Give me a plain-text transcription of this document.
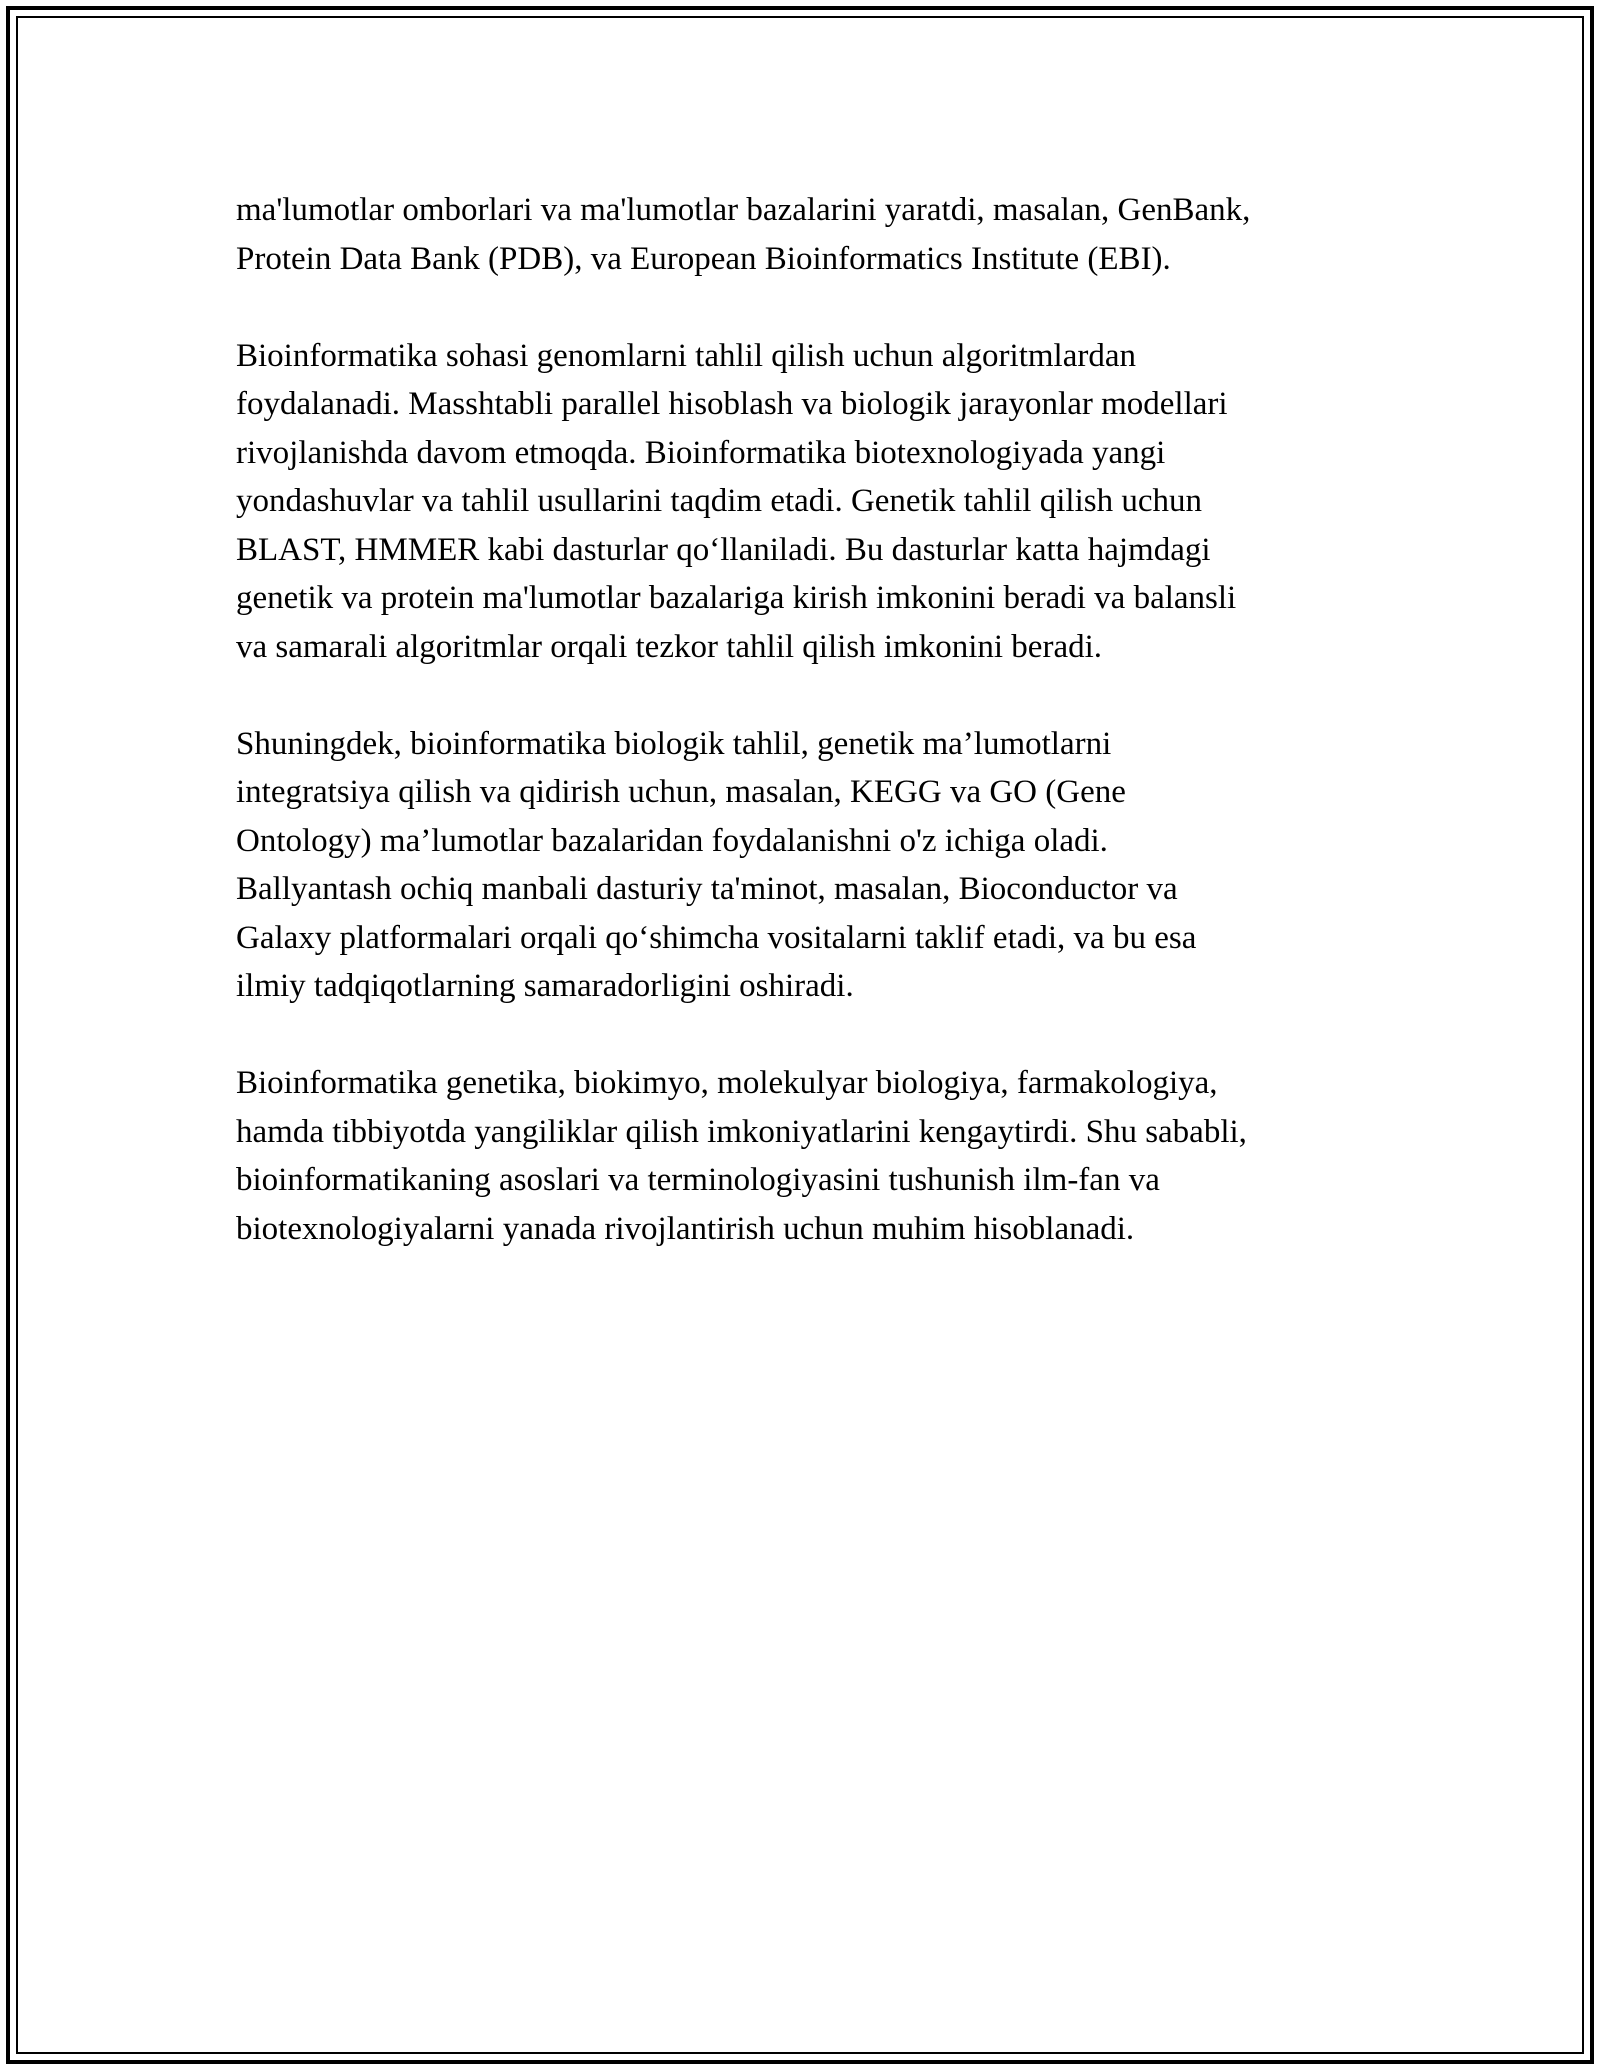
ma'lumotlar omborlari va ma'lumotlar bazalarini yaratdi, masalan, GenBank,
Protein Data Bank (PDB), va European Bioinformatics Institute (EBI).

Bioinformatika sohasi genomlarni tahlil qilish uchun algoritmlardan
foydalanadi. Masshtabli parallel hisoblash va biologik jarayonlar modellari
rivojlanishda davom etmoqda. Bioinformatika biotexnologiyada yangi
yondashuvlar va tahlil usullarini taqdim etadi. Genetik tahlil qilish uchun
BLAST, HMMER kabi dasturlar qo‘llaniladi. Bu dasturlar katta hajmdagi
genetik va protein ma'lumotlar bazalariga kirish imkonini beradi va balansli
va samarali algoritmlar orqali tezkor tahlil qilish imkonini beradi.

Shuningdek, bioinformatika biologik tahlil, genetik ma’lumotlarni
integratsiya qilish va qidirish uchun, masalan, KEGG va GO (Gene
Ontology) ma’lumotlar bazalaridan foydalanishni o'z ichiga oladi.
Ballyantash ochiq manbali dasturiy ta'minot, masalan, Bioconductor va
Galaxy platformalari orqali qo‘shimcha vositalarni taklif etadi, va bu esa
ilmiy tadqiqotlarning samaradorligini oshiradi.

Bioinformatika genetika, biokimyo, molekulyar biologiya, farmakologiya,
hamda tibbiyotda yangiliklar qilish imkoniyatlarini kengaytirdi. Shu sababli,
bioinformatikaning asoslari va terminologiyasini tushunish ilm-fan va
biotexnologiyalarni yanada rivojlantirish uchun muhim hisoblanadi.
